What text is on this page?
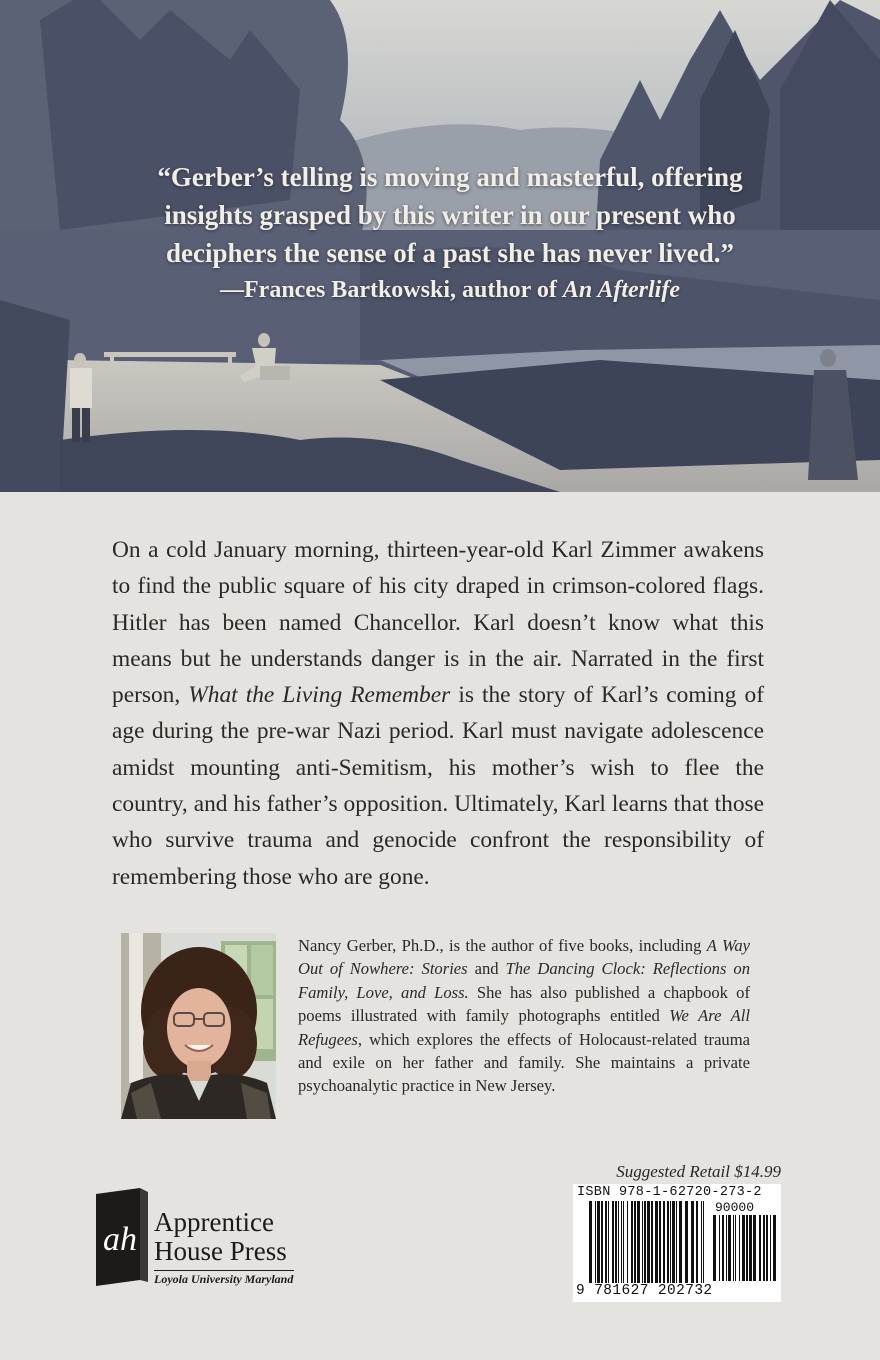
“Gerber’s telling is moving and masterful, offering
insights grasped by this writer in our present who
deciphers the sense of a past she has never lived.”
—Frances Bartkowski, author of An Afterlife
On a cold January morning, thirteen-year-old Karl Zimmer awakens to find the public square of his city draped in crimson-colored flags. Hitler has been named Chancellor. Karl doesn’t know what this means but he understands danger is in the air. Narrated in the first person, What the Living Remember is the story of Karl’s coming of age during the pre-war Nazi period. Karl must navigate adolescence amidst mounting anti-Semitism, his mother’s wish to flee the country, and his father’s opposition. Ultimately, Karl learns that those who survive trauma and genocide confront the responsibility of remembering those who are gone.
Nancy Gerber, Ph.D., is the author of five books, including A Way Out of Nowhere: Stories and The Dancing Clock: Reflections on Family, Love, and Loss. She has also published a chapbook of poems illustrated with family photographs entitled We Are All Refugees, which explores the effects of Holocaust-related trauma and exile on her father and family. She maintains a private psychoanalytic practice in New Jersey.
ah Apprentice
House Press
Loyola University Maryland
Suggested Retail $14.99
ISBN 978-1-62720-273-2
90000
9 781627 202732
